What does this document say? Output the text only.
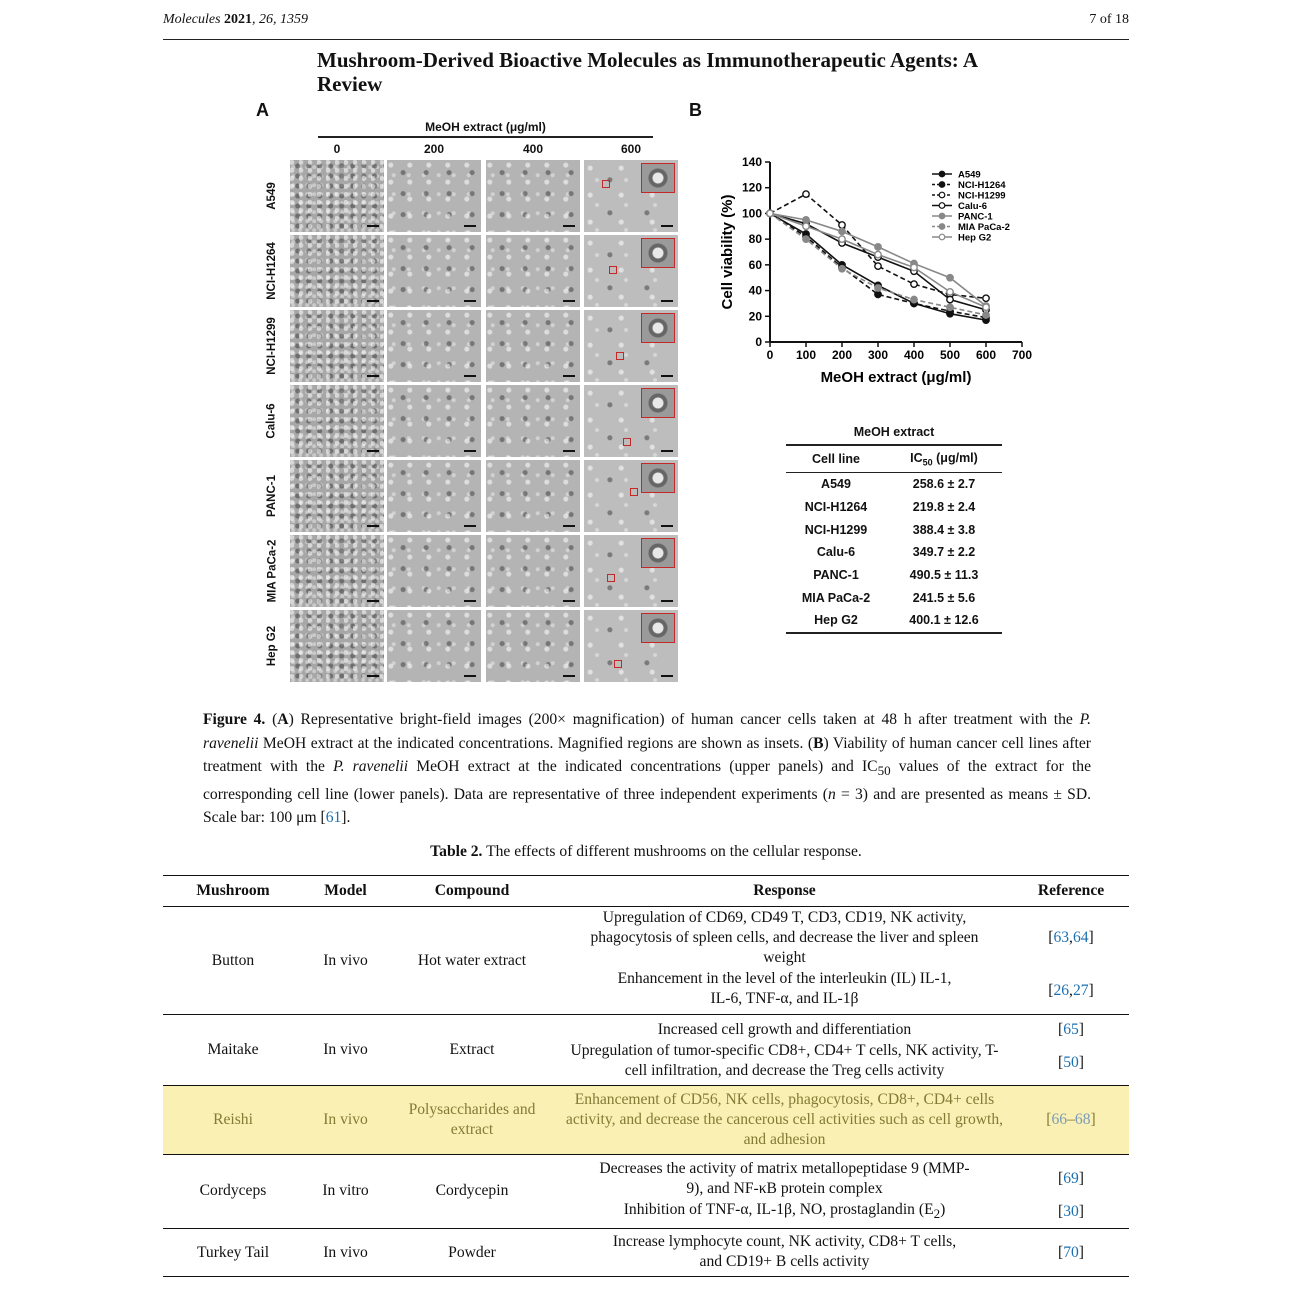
Molecules 2021, 26, 1359	7 of 18
Mushroom-Derived Bioactive Molecules as Immunotherapeutic Agents: A Review
A	B
MeOH extract (μg/ml)
0	200	400	600
A549
NCI-H1264
NCI-H1299
Calu-6
PANC-1
MIA PaCa-2
Hep G2
0
20
40
60
80
100
120
140
0 100 200 300 400 500 600 700
MeOH extract (μg/ml)
Cell viability (%)
A549
NCI-H1264
NCI-H1299
Calu-6
PANC-1
MIA PaCa-2
Hep G2
MeOH extract
Cell line	$IC_{50}$ (μg/ml)
A549	258.6 ± 2.7
NCI-H1264	219.8 ± 2.4
NCI-H1299	388.4 ± 3.8
Calu-6	349.7 ± 2.2
PANC-1	490.5 ± 11.3
MIA PaCa-2	241.5 ± 5.6
Hep G2	400.1 ± 12.6
Figure 4. (A) Representative bright-field images (200× magnification) of human cancer cells taken at 48 h after treatment with the P. ravenelii MeOH extract at the indicated concentrations. Magnified regions are shown as insets. (B) Viability of human cancer cell lines after treatment with the P. ravenelii MeOH extract at the indicated concentrations (upper panels) and $IC_{50}$ values of the extract for the corresponding cell line (lower panels). Data are representative of three independent experiments (n = 3) and are presented as means ± SD. Scale bar: 100 μm [61].
Table 2. The effects of different mushrooms on the cellular response.
Mushroom	Model	Compound	Response	Reference
Button	In vivo	Hot water extract	Upregulation of CD69, CD49 T, CD3, CD19, NK activity, phagocytosis of spleen cells, and decrease the liver and spleen weight	[63,64]
			Enhancement in the level of the interleukin (IL) IL-1, IL-6, TNF-α, and IL-1β	[26,27]
Maitake	In vivo	Extract	Increased cell growth and differentiation	[65]
			Upregulation of tumor-specific CD8+, CD4+ T cells, NK activity, T-cell infiltration, and decrease the Treg cells activity	[50]
Reishi	In vivo	Polysaccharides and extract	Enhancement of CD56, NK cells, phagocytosis, CD8+, CD4+ cells activity, and decrease the cancerous cell activities such as cell growth, and adhesion	[66–68]
Cordyceps	In vitro	Cordycepin	Decreases the activity of matrix metallopeptidase 9 (MMP-9), and NF-κB protein complex	[69]
			Inhibition of TNF-α, IL-1β, NO, prostaglandin $(E_2)$	[30]
Turkey Tail	In vivo	Powder	Increase lymphocyte count, NK activity, CD8+ T cells, and CD19+ B cells activity	[70]
